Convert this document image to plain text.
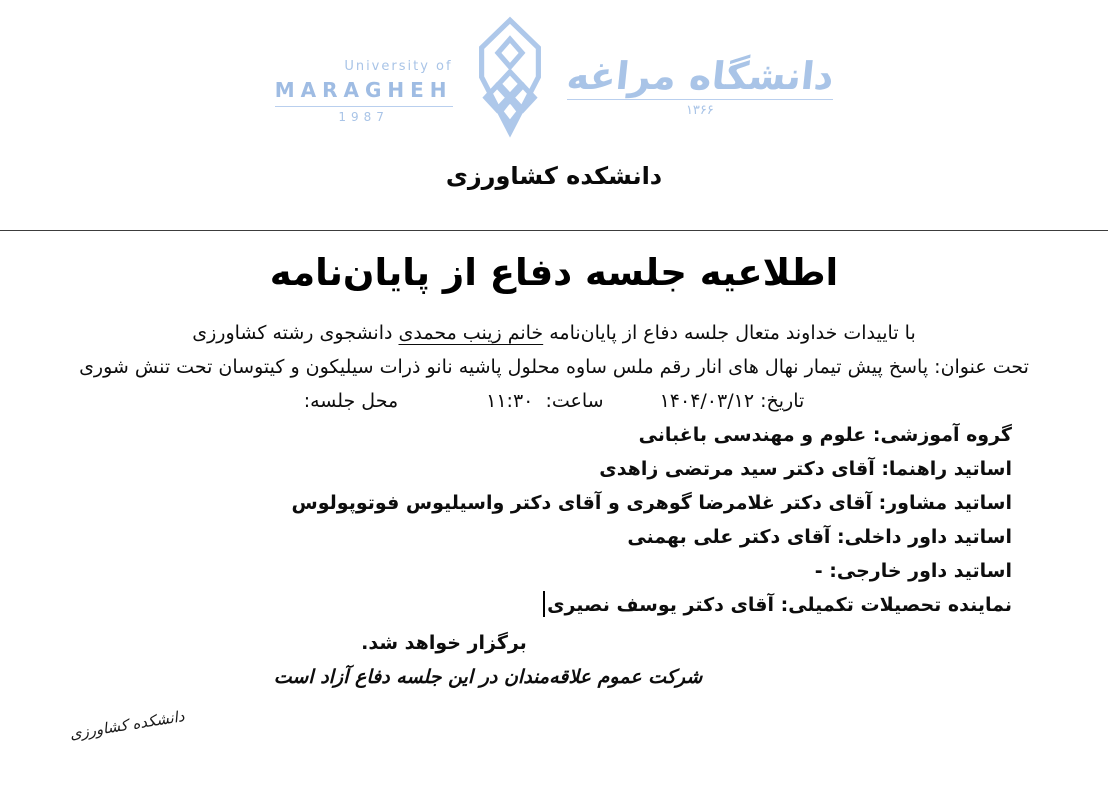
University of
MARAGHEH
1987
دانشگاه مراغه
۱۳۶۶
دانشکده کشاورزی
اطلاعیه جلسه دفاع از پایان‌نامه

با تاییدات خداوند متعال جلسه دفاع از پایان‌نامه خانم زینب محمدی دانشجوی رشته کشاورزی

تحت عنوان: پاسخ پیش تیمار نهال های انار رقم ملس ساوه محلول پاشیه نانو ذرات سیلیکون و کیتوسان تحت تنش شوری

تاریخ: ۱۴۰۴/۰۳/۱۲ساعت:  ۱۱:۳۰محل جلسه:

گروه آموزشی: علوم و مهندسی باغبانی

اساتید راهنما: آقای دکتر سید مرتضی زاهدی

اساتید مشاور: آقای دکتر غلامرضا گوهری و آقای دکتر واسیلیوس فوتوپولوس

اساتید داور داخلی: آقای دکتر علی بهمنی

اساتید داور خارجی: -

نماینده تحصیلات تکمیلی: آقای دکتر یوسف نصیری

برگزار خواهد شد.

شرکت عموم علاقه‌مندان در این جلسه دفاع آزاد است

دانشکده کشاورزی
